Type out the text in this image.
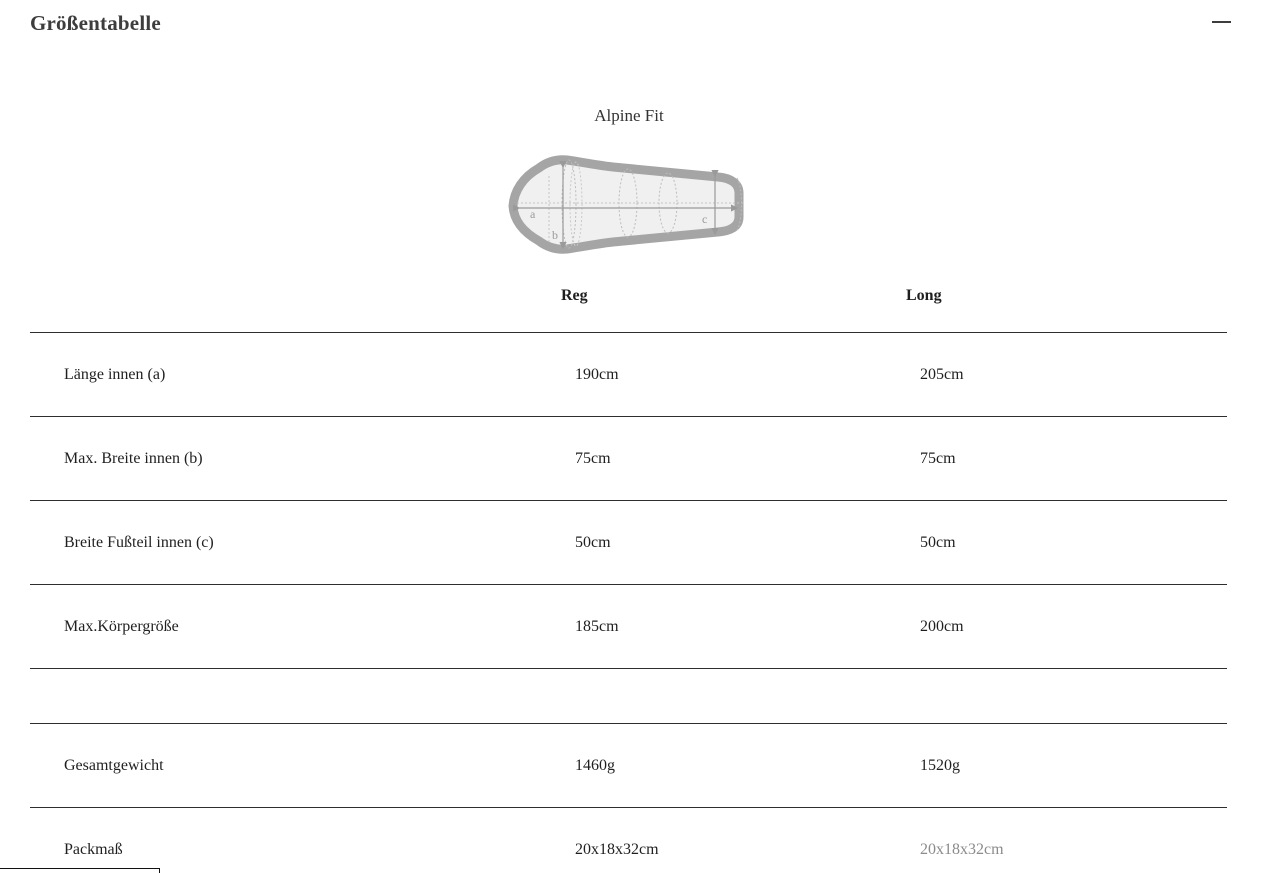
Größentabelle
Alpine Fit
a
b
c
Reg	Long
Länge innen (a)	190cm	205cm
Max. Breite innen (b)	75cm	75cm
Breite Fußteil innen (c)	50cm	50cm
Max.Körpergröße	185cm	200cm
Gesamtgewicht	1460g	1520g
Packmaß	20x18x32cm	20x18x32cm
